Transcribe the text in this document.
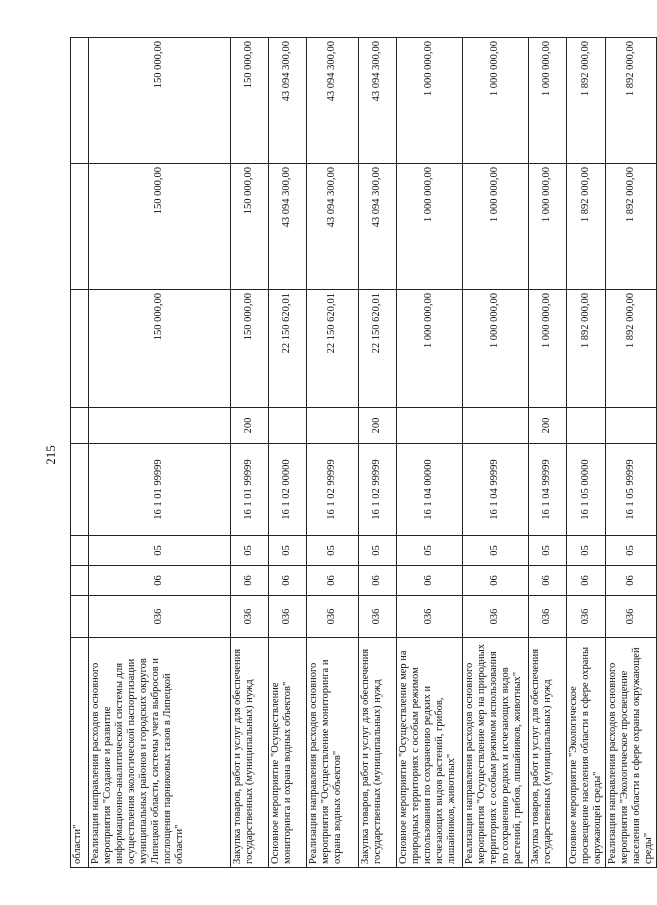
215
области"								
Реализация направления расходов основного мероприятия "Создание и развитие информационно-аналитической системы для осуществления экологической паспортизации муниципальных районов и городских округов Липецкой области, системы учета выбросов и поглощения парниковых газов в Липецкой области"	036	06	05	16 1 01 99999		150 000,00	150 000,00	150 000,00
Закупка товаров, работ и услуг для обеспечения государственных (муниципальных) нужд	036	06	05	16 1 01 99999	200	150 000,00	150 000,00	150 000,00
Основное мероприятие "Осуществление мониторинга и охрана водных объектов"	036	06	05	16 1 02 00000		22 150 620,01	43 094 300,00	43 094 300,00
Реализация направления расходов основного мероприятия "Осуществление мониторинга и охрана водных объектов"	036	06	05	16 1 02 99999		22 150 620,01	43 094 300,00	43 094 300,00
Закупка товаров, работ и услуг для обеспечения государственных (муниципальных) нужд	036	06	05	16 1 02 99999	200	22 150 620,01	43 094 300,00	43 094 300,00
Основное мероприятие "Осуществление мер на природных территориях с особым режимом использования по сохранению редких и исчезающих видов растений, грибов, лишайников, животных"	036	06	05	16 1 04 00000		1 000 000,00	1 000 000,00	1 000 000,00
Реализация направления расходов основного мероприятия "Осуществление мер на природных территориях с особым режимом использования по сохранению редких и исчезающих видов растений, грибов, лишайников, животных"	036	06	05	16 1 04 99999		1 000 000,00	1 000 000,00	1 000 000,00
Закупка товаров, работ и услуг для обеспечения государственных (муниципальных) нужд	036	06	05	16 1 04 99999	200	1 000 000,00	1 000 000,00	1 000 000,00
Основное мероприятие "Экологическое просвещение населения области в сфере охраны окружающей среды"	036	06	05	16 1 05 00000		1 892 000,00	1 892 000,00	1 892 000,00
Реализация направления расходов основного мероприятия "Экологическое просвещение населения области в сфере охраны окружающей среды"	036	06	05	16 1 05 99999		1 892 000,00	1 892 000,00	1 892 000,00
